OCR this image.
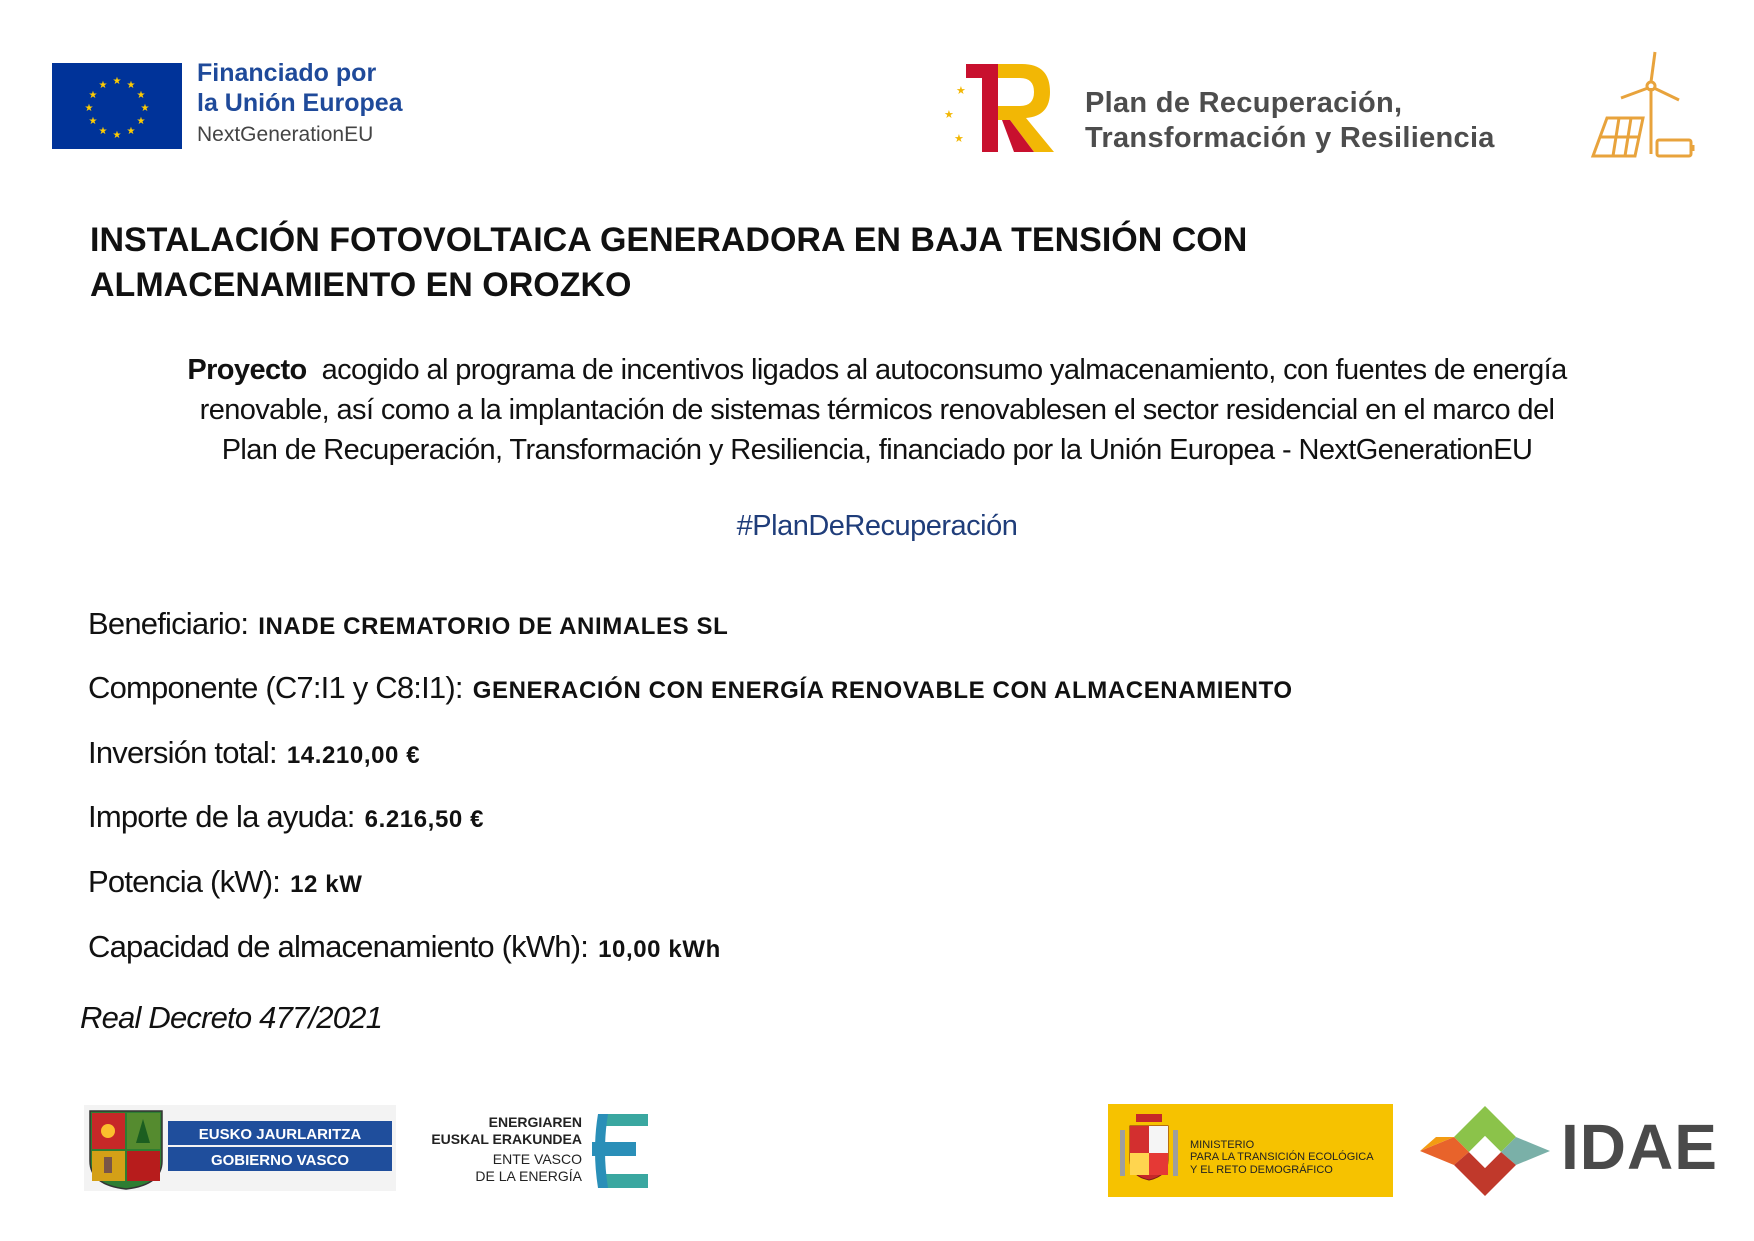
★ ★
★
★
★
★
★
★
★
★
★
★	Financiado por
la Unión Europea
NextGenerationEU
★
★
★
Plan de Recuperación,
Transformación y Resiliencia
INSTALACIÓN FOTOVOLTAICA GENERADORA EN BAJA TENSIÓN CON
ALMACENAMIENTO EN OROZKO
Proyecto acogido al programa de incentivos ligados al autoconsumo yalmacenamiento, con fuentes de energía
renovable, así como a la implantación de sistemas térmicos renovablesen el sector residencial en el marco del
Plan de Recuperación, Transformación y Resiliencia, financiado por la Unión Europea - NextGenerationEU
#PlanDeRecuperación
Beneficiario: INADE CREMATORIO DE ANIMALES SL
Componente (C7:I1 y C8:I1): GENERACIÓN CON ENERGÍA RENOVABLE CON ALMACENAMIENTO
Inversión total: 14.210,00 €
Importe de la ayuda: 6.216,50 €
Potencia (kW): 12 kW
Capacidad de almacenamiento (kWh): 10,00 kWh
Real Decreto 477/2021
EUSKO JAURLARITZA
GOBIERNO VASCO
ENERGIAREN
EUSKAL ERAKUNDEA
ENTE VASCO
DE LA ENERGÍA
MINISTERIO
PARA LA TRANSICIÓN ECOLÓGICA
Y EL RETO DEMOGRÁFICO	IDAE
